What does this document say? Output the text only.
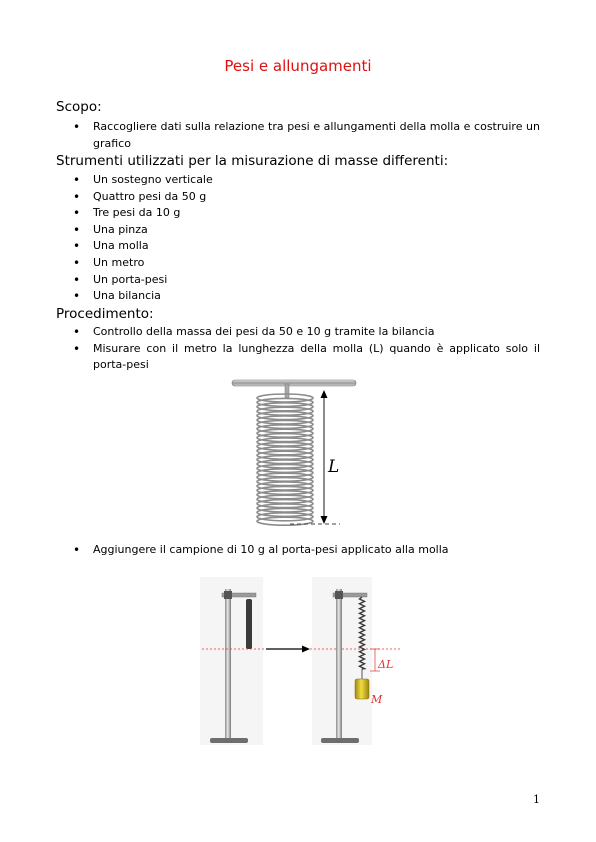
Pesi e allungamenti
Scopo:
• Raccogliere dati sulla relazione tra pesi e allungamenti della molla e costruire un grafico
Strumenti utilizzati per la misurazione di masse differenti:
• Un sostegno verticale
• Quattro pesi da 50 g
• Tre pesi da 10 g
• Una pinza
• Una molla
• Un metro
• Un porta-pesi
• Una bilancia
Procedimento:
• Controllo della massa dei pesi da 50 e 10 g tramite la bilancia
• Misurare con il metro la lunghezza della molla (L) quando è applicato solo il porta-pesi
L
• Aggiungere il campione di 10 g al porta-pesi applicato alla molla
ΔL
M
1
